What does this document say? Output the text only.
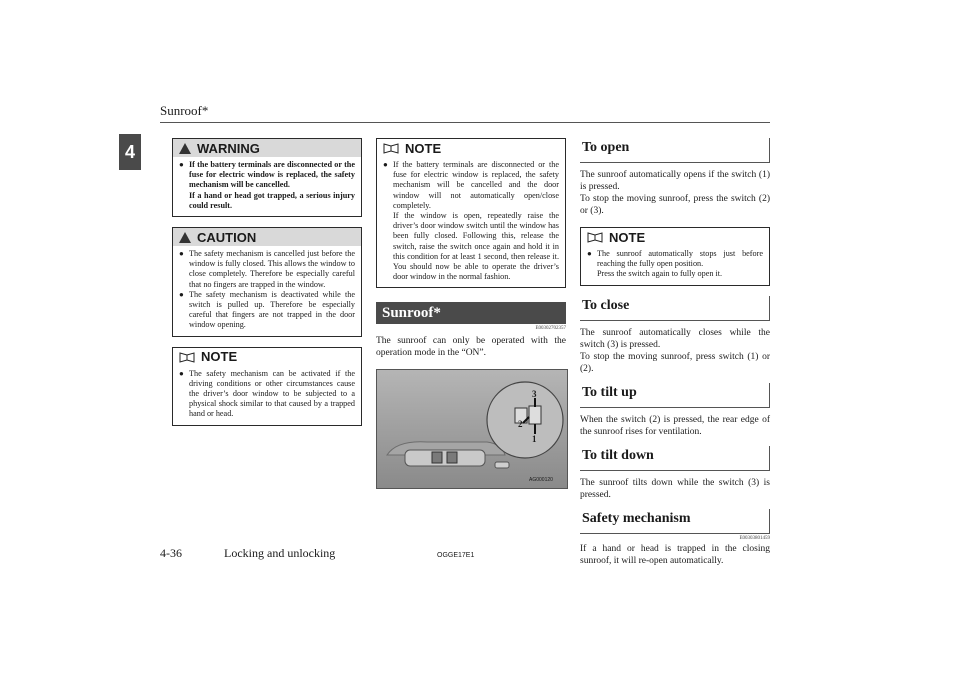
Sunroof*
4	WARNING
● If the battery terminals are disconnected or the fuse for electric window is replaced, the safety mechanism will be cancelled.
If a hand or head got trapped, a serious injury could result.
CAUTION
● The safety mechanism is cancelled just before the window is fully closed. This allows the window to close completely. Therefore be especially careful that no fingers are trapped in the window.
● The safety mechanism is deactivated while the switch is pulled up. Therefore be especially careful that fingers are not trapped in the door window opening.
NOTE
● The safety mechanism can be activated if the driving conditions or other circumstances cause the driver’s door window to be subjected to a physical shock similar to that caused by a trapped hand or head.
NOTE
● If the battery terminals are disconnected or the fuse for electric window is replaced, the safety mechanism will be cancelled and the door window will not automatically open/close completely.
If the window is open, repeatedly raise the driver’s door window switch until the window has been fully closed. Following this, release the switch, raise the switch once again and hold it in this condition for at least 1 second, then release it. You should now be able to operate the driver’s door window in the normal fashion.
Sunroof*
E00302702357
The sunroof can only be operated with the operation mode in the “ON”.
3
2
1
AG000120
To open
The sunroof automatically opens if the switch (1) is pressed.
To stop the moving sunroof, press the switch (2) or (3).
NOTE
● The sunroof automatically stops just before reaching the fully open position.
Press the switch again to fully open it.
To close
The sunroof automatically closes while the switch (3) is pressed.
To stop the moving sunroof, press switch (1) or (2).
To tilt up
When the switch (2) is pressed, the rear edge of the sunroof rises for ventilation.
To tilt down
The sunroof tilts down while the switch (3) is pressed.
Safety mechanism
E00303801459
If a hand or head is trapped in the closing sunroof, it will re-open automatically.
4-36	Locking and unlocking	OGGE17E1
